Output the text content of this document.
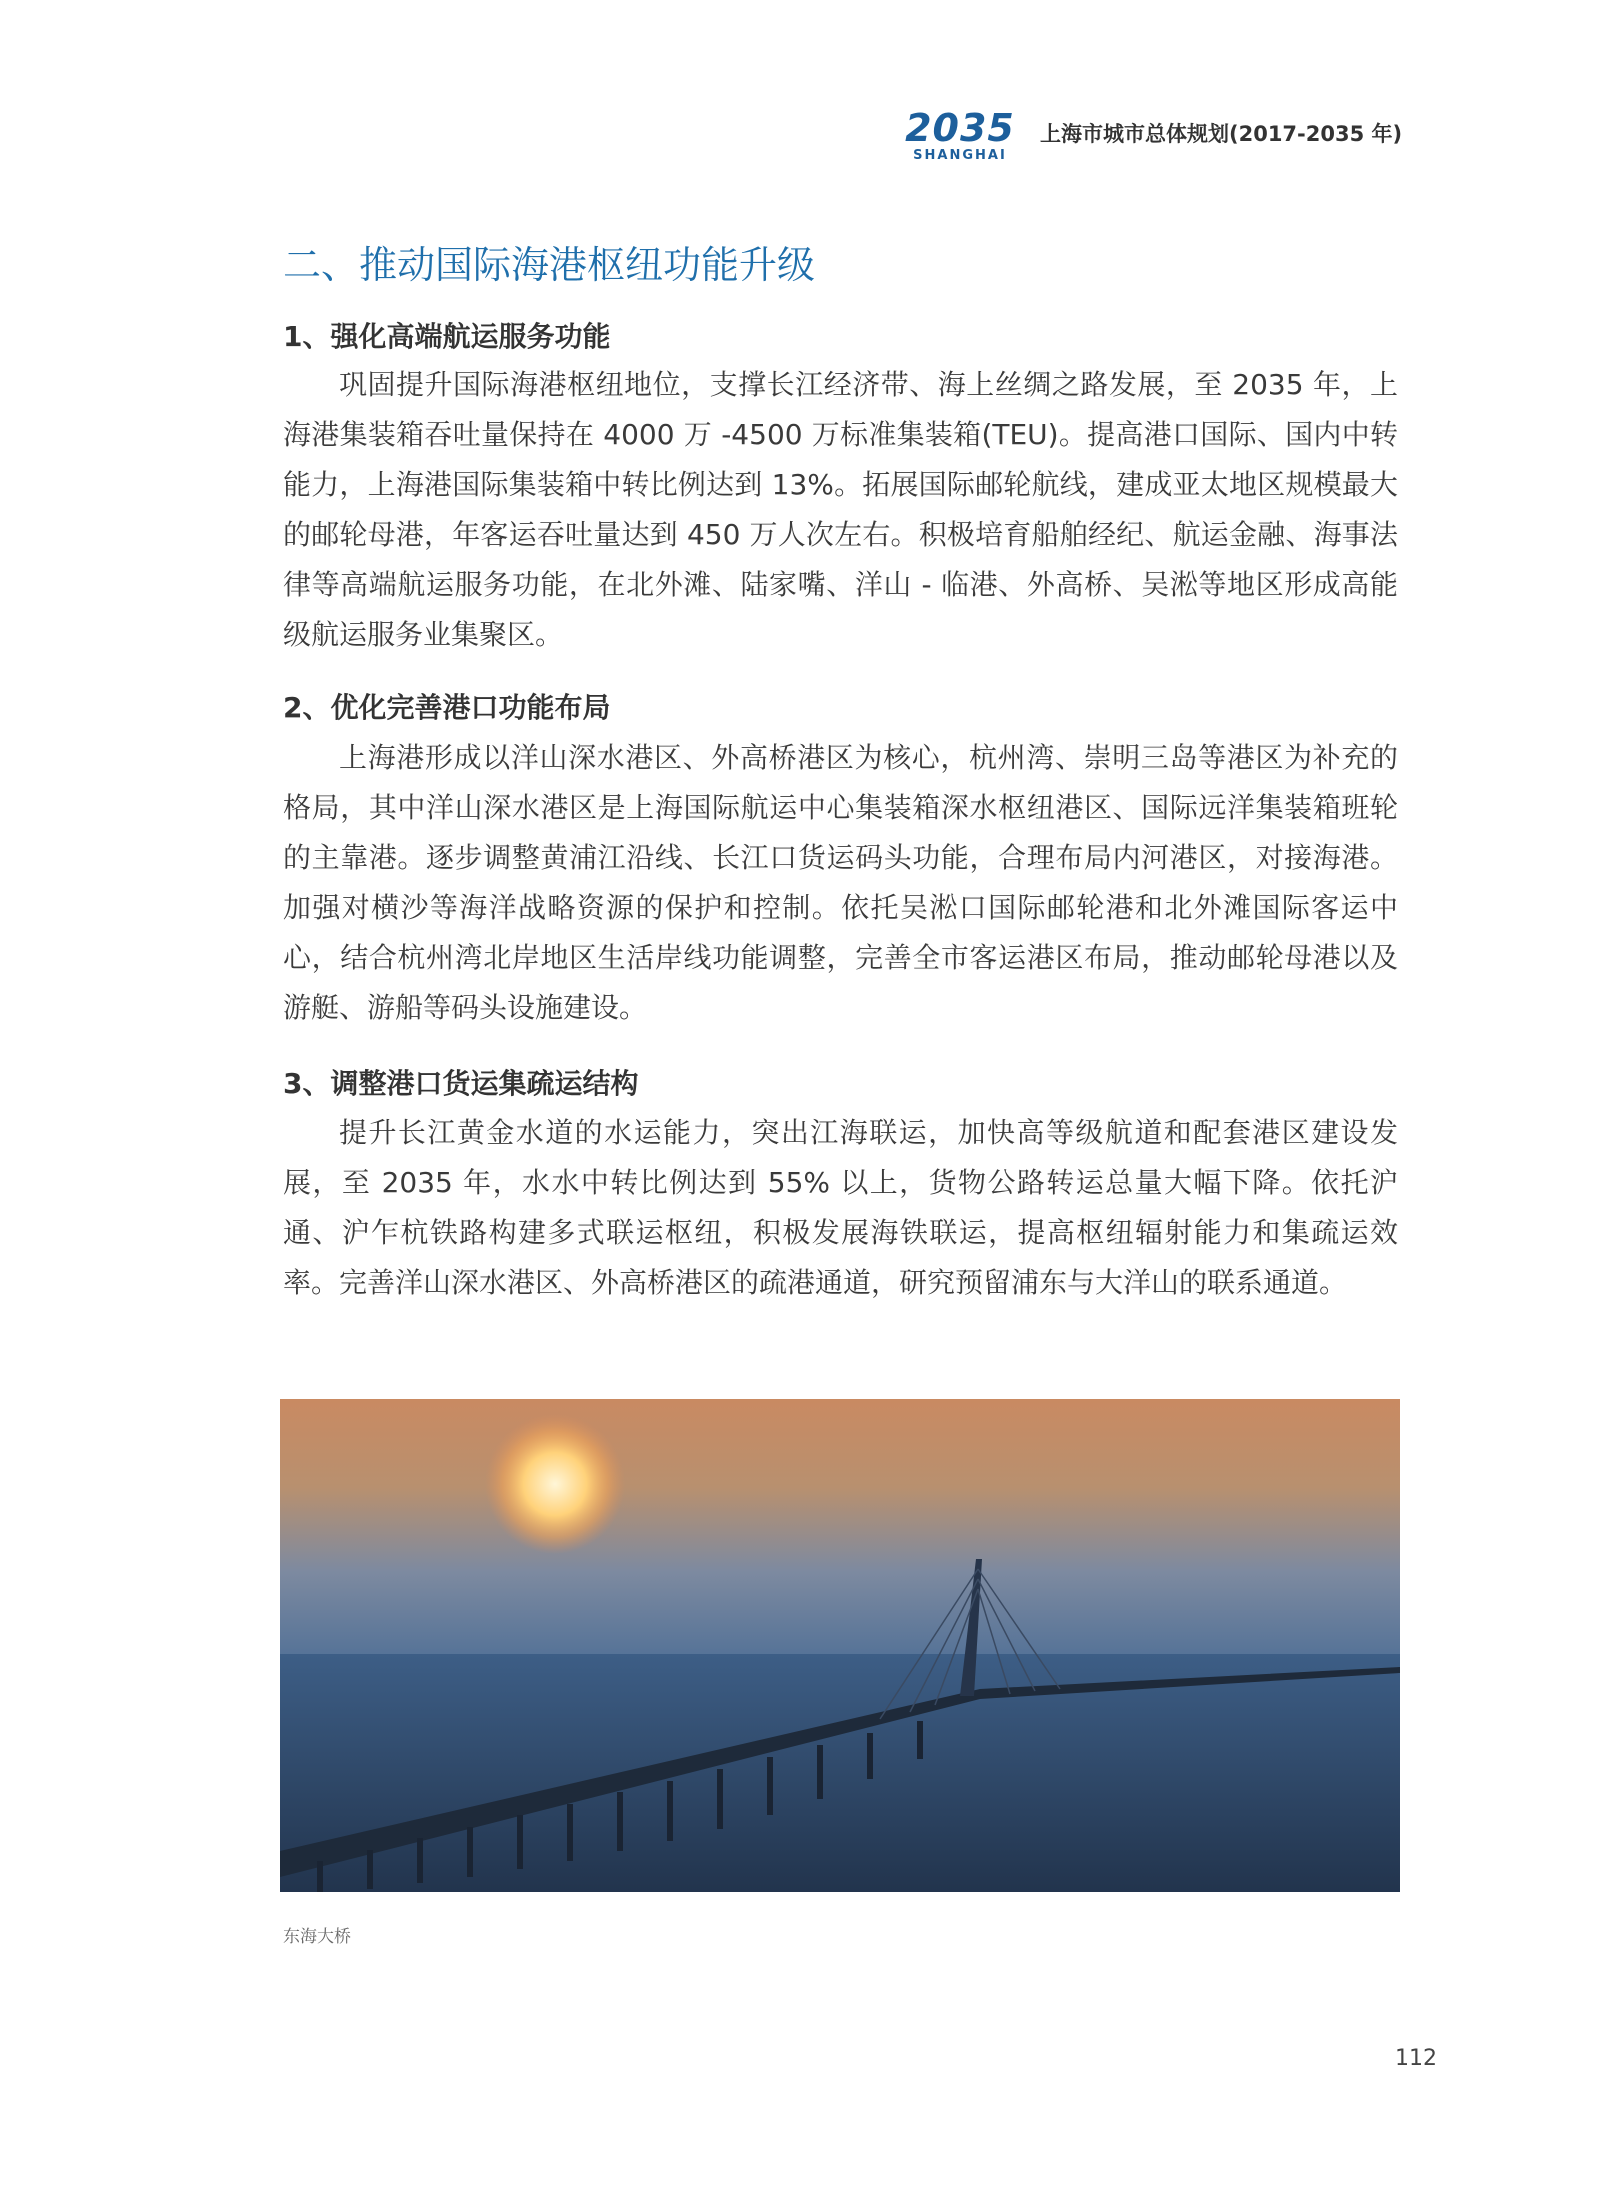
2035
SHANGHAI
上海市城市总体规划(2017-2035 年)
二、推动国际海港枢纽功能升级
1、强化高端航运服务功能
巩固提升国际海港枢纽地位，支撑长江经济带、海上丝绸之路发展，至 2035 年，上海港集装箱吞吐量保持在 4000 万 -4500 万标准集装箱(TEU)。提高港口国际、国内中转能力，上海港国际集装箱中转比例达到 13%。拓展国际邮轮航线，建成亚太地区规模最大的邮轮母港，年客运吞吐量达到 450 万人次左右。积极培育船舶经纪、航运金融、海事法律等高端航运服务功能，在北外滩、陆家嘴、洋山 - 临港、外高桥、吴淞等地区形成高能级航运服务业集聚区。
2、优化完善港口功能布局
上海港形成以洋山深水港区、外高桥港区为核心，杭州湾、崇明三岛等港区为补充的格局，其中洋山深水港区是上海国际航运中心集装箱深水枢纽港区、国际远洋集装箱班轮的主靠港。逐步调整黄浦江沿线、长江口货运码头功能，合理布局内河港区，对接海港。加强对横沙等海洋战略资源的保护和控制。依托吴淞口国际邮轮港和北外滩国际客运中心，结合杭州湾北岸地区生活岸线功能调整，完善全市客运港区布局，推动邮轮母港以及游艇、游船等码头设施建设。
3、调整港口货运集疏运结构
提升长江黄金水道的水运能力，突出江海联运，加快高等级航道和配套港区建设发展，至 2035 年，水水中转比例达到 55% 以上，货物公路转运总量大幅下降。依托沪通、沪乍杭铁路构建多式联运枢纽，积极发展海铁联运，提高枢纽辐射能力和集疏运效率。完善洋山深水港区、外高桥港区的疏港通道，研究预留浦东与大洋山的联系通道。
东海大桥
112
